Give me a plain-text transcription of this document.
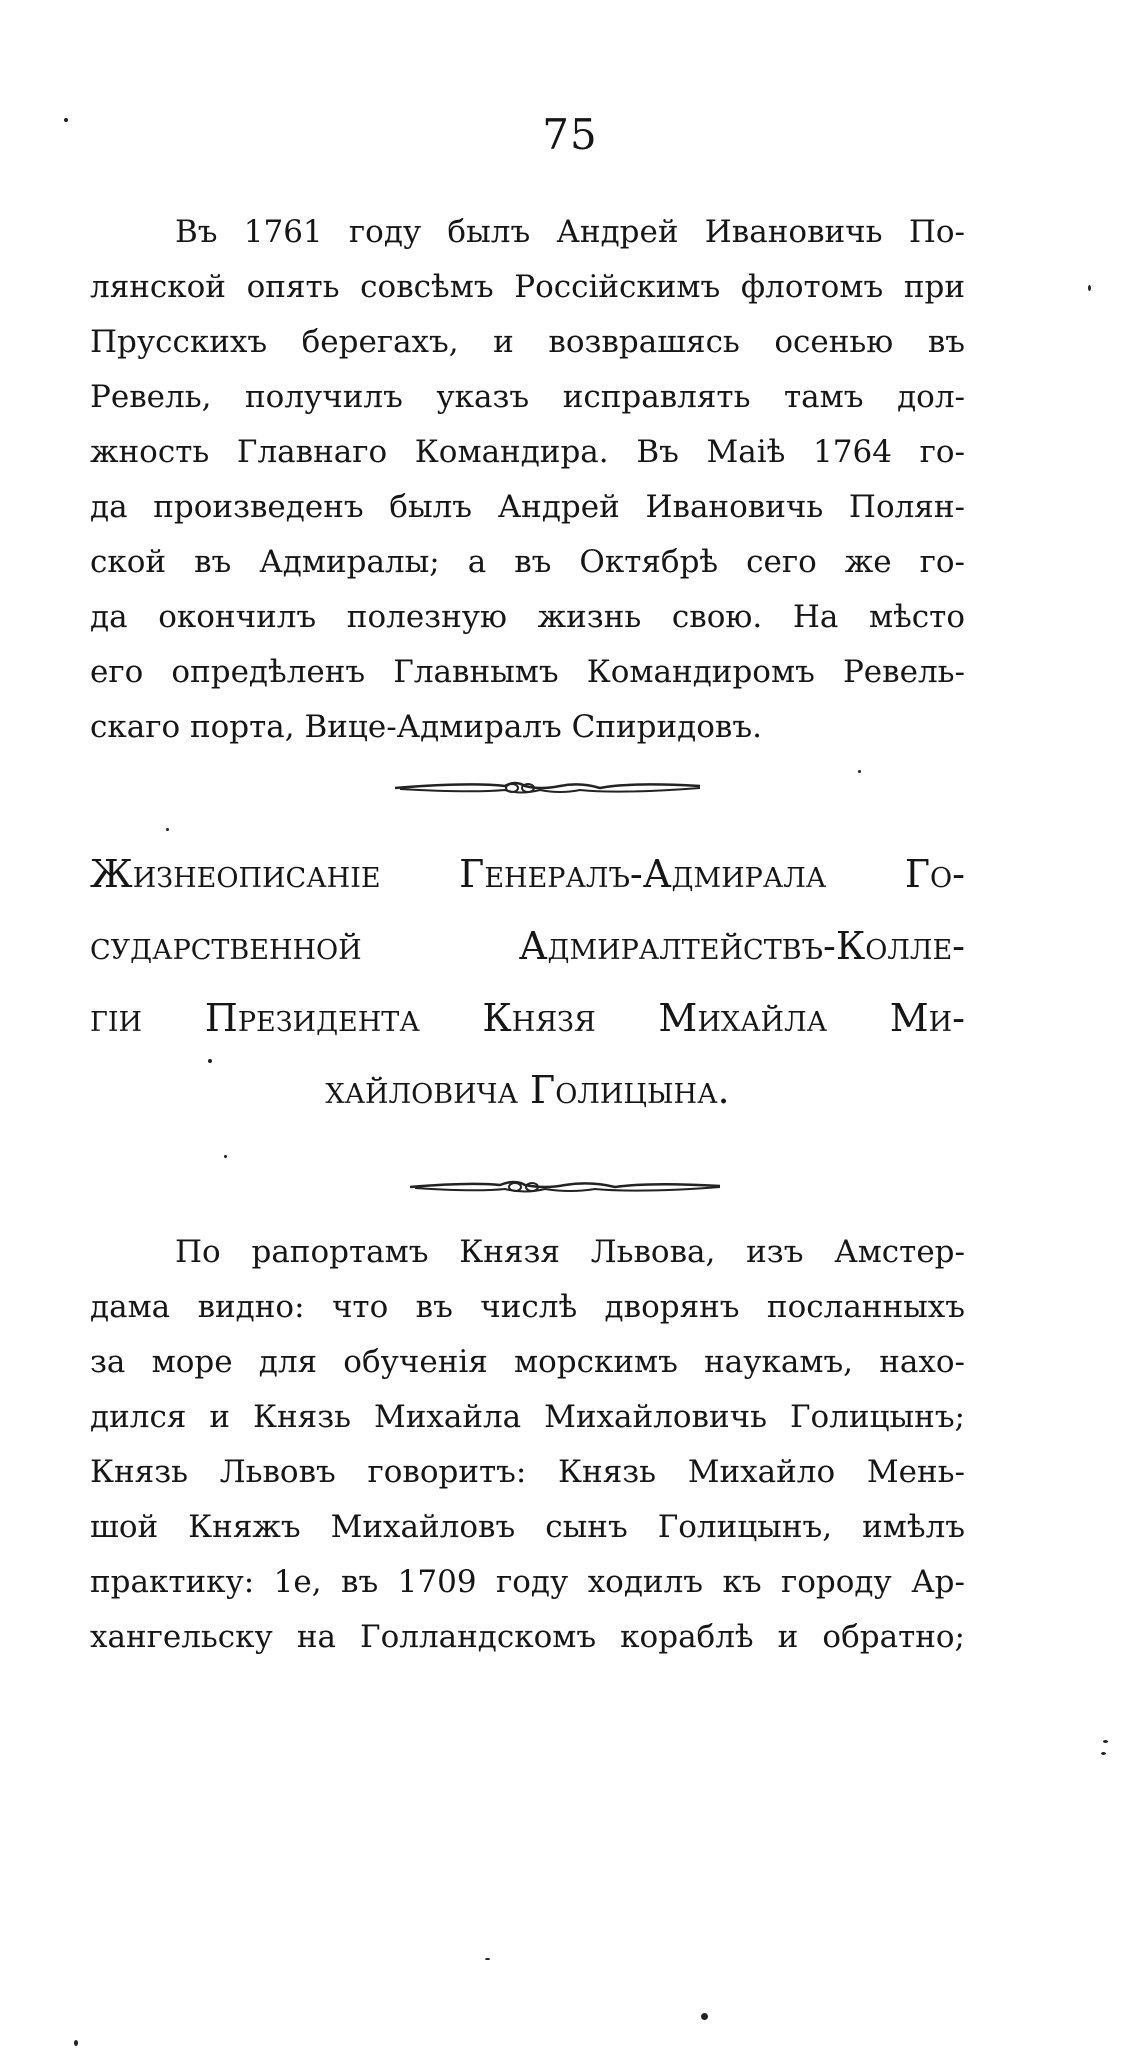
75
Въ 1761 году былъ Андрей Ивановичь По-
лянской опять совсѣмъ Россійскимъ флотомъ при
Прусскихъ берегахъ, и возврашясь осенью въ
Ревель, получилъ указъ исправлять тамъ дол-
жность Главнаго Командира. Въ Маіѣ 1764 го-
да произведенъ былъ Андрей Ивановичь Полян-
ской въ Адмиралы; а въ Октябрѣ сего же го-
да окончилъ полезную жизнь свою. На мѣсто
его опредѣленъ Главнымъ Командиромъ Ревель-
скаго порта, Вице-Адмиралъ Спиридовъ.
Жизнеописаніе Генералъ-Адмирала Го-
сударственной Адмиралтействъ-Колле-
гіи Президента Князя Михайла Ми-
хайловича Голицына.
По рапортамъ Князя Львова, изъ Амстер-
дама видно: что въ числѣ дворянъ посланныхъ
за море для обученія морскимъ наукамъ, нахо-
дился и Князь Михайла Михайловичь Голицынъ;
Князь Львовъ говоритъ: Князь Михайло Мень-
шой Княжъ Михайловъ сынъ Голицынъ, имѣлъ
практику: 1е, въ 1709 году ходилъ къ городу Ар-
хангельску на Голландскомъ кораблѣ и обратно;
